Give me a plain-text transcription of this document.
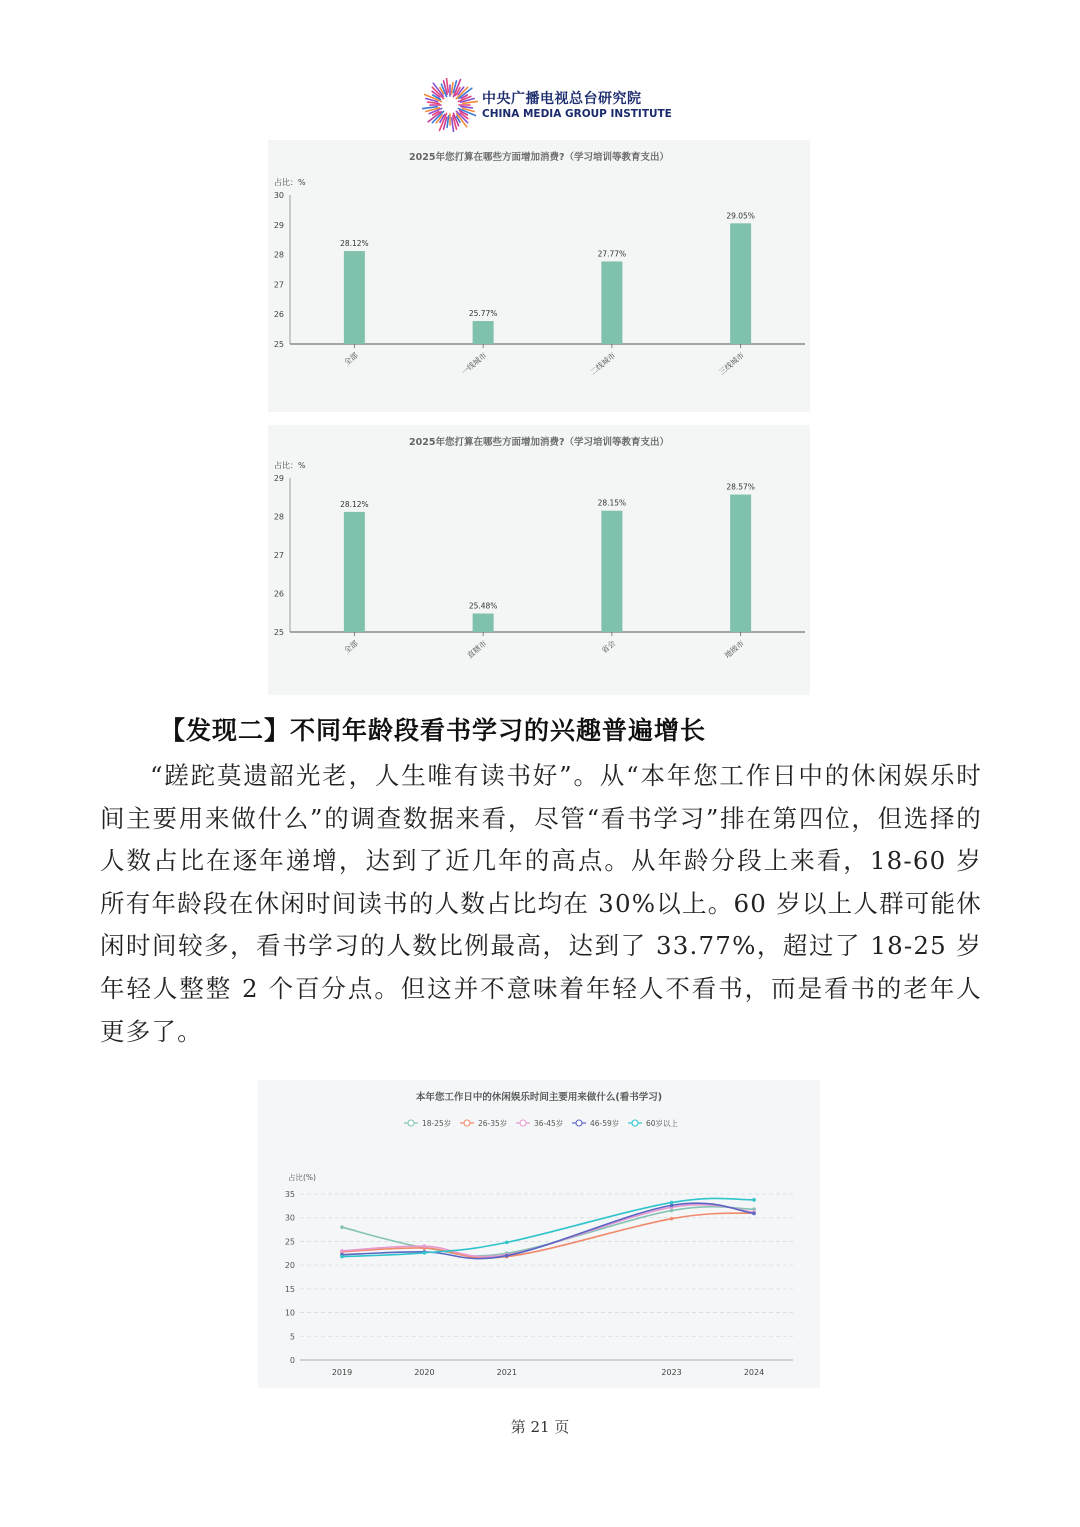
中央广播电视总台研究院
CHINA MEDIA GROUP INSTITUTE
2025年您打算在哪些方面增加消费?（学习培训等教育支出）
占比：%
25
26
27
28
29
30
28.12%
全部
25.77%
一线城市
27.77%
二线城市
29.05%
三线城市
2025年您打算在哪些方面增加消费?（学习培训等教育支出）
占比：%
25
26
27
28
29
28.12%
全部
25.48%
直辖市
28.15%
省会
28.57%
地级市
【发现二】不同年龄段看书学习的兴趣普遍增长

“蹉跎莫遗韶光老，人生唯有读书好”。从“本年您工作日中的休闲娱乐时间主要用来做什么”的调查数据来看，尽管“看书学习”排在第四位，但选择的人数占比在逐年递增，达到了近几年的高点。从年龄分段上来看，18-60 岁所有年龄段在休闲时间读书的人数占比均在 30%以上。60 岁以上人群可能休闲时间较多，看书学习的人数比例最高，达到了 33.77%，超过了 18-25 岁年轻人整整 2 个百分点。但这并不意味着年轻人不看书，而是看书的老年人更多了。

本年您工作日中的休闲娱乐时间主要用来做什么(看书学习)
18-25岁	26-35岁	36-45岁	46-59岁	60岁以上
占比(%)
0
5
10
15
20
25
30
35
2019	2020	2021	2023	2024
第 21 页
